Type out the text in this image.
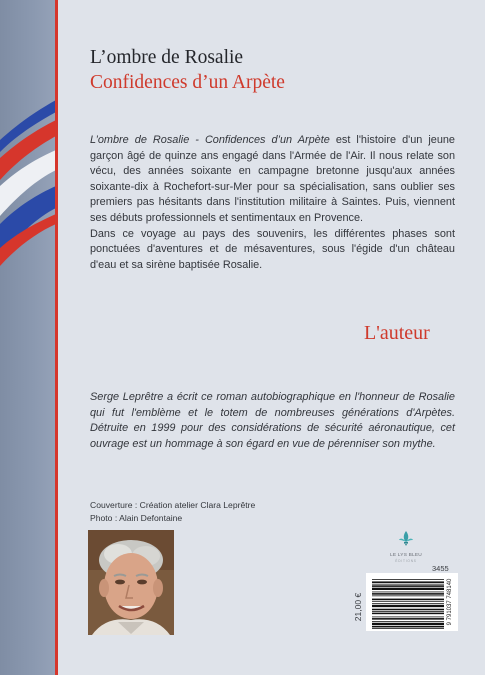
L’ombre de Rosalie
Confidences d’un Arpète

L’ombre de Rosalie - Confidences d’un Arpète est l'histoire d'un jeune garçon âgé de quinze ans engagé dans l'Armée de l'Air. Il nous relate son vécu, des années soixante en campagne bretonne jusqu'aux années soixante-dix à Rochefort-sur-Mer pour sa spécialisation, sans oublier ses premiers pas hésitants dans l'institution militaire à Saintes. Puis, viennent ses débuts professionnels et sentimentaux en Provence.

Dans ce voyage au pays des souvenirs, les différentes phases sont ponctuées d'aventures et de mésaventures, sous l'égide d'un château d'eau et sa sirène baptisée Rosalie.

L'auteur
Serge Leprêtre a écrit ce roman autobiographique en l'honneur de Rosalie qui fut l'emblème et le totem de nombreuses générations d'Arpètes. Détruite en 1999 pour des considérations de sécurité aéronautique, cet ouvrage est un hommage à son égard en vue de pérenniser son mythe.
Couverture : Création atelier Clara Leprêtre
Photo : Alain Defontaine
LE LYS BLEU
ÉDITIONS
3455
21,00 €	9 791037 748140
